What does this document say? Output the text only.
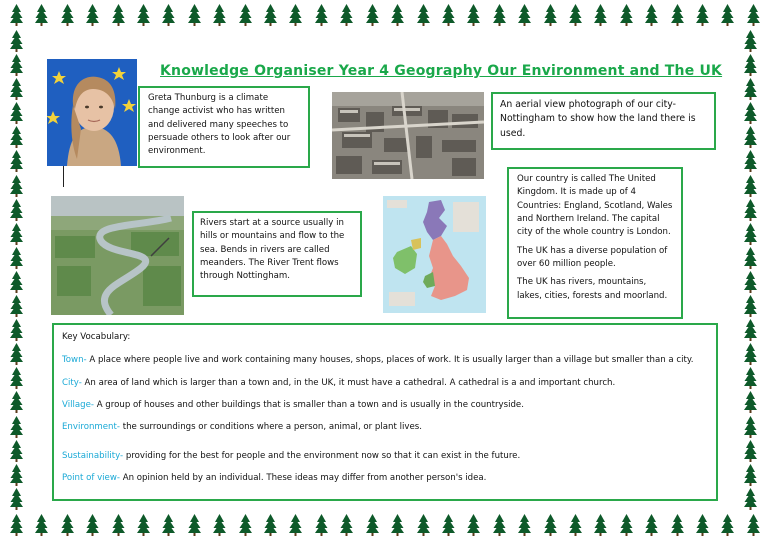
Knowledge Organiser Year 4 Geography Our Environment and The UK
Greta Thunburg is a climate change activist who has written and delivered many speeches to persuade others to look after our environment.
An aerial view photograph of our city- Nottingham to show how the land there is used.
Rivers start at a source usually in hills or mountains and flow to the sea. Bends in rivers are called meanders. The River Trent flows through Nottingham.

Our country is called The United Kingdom. It is made up of 4 Countries: England, Scotland, Wales and Northern Ireland. The capital city of the whole country is London.

The UK has a diverse population of over 60 million people.

The UK has rivers, mountains, lakes, cities, forests and moorland.

Key Vocabulary:
Town- A place where people live and work containing many houses, shops, places of work. It is usually larger than a village but smaller than a city.
City- An area of land which is larger than a town and, in the UK, it must have a cathedral. A cathedral is a and important church.
Village- A group of houses and other buildings that is smaller than a town and is usually in the countryside.
Environment- the surroundings or conditions where a person, animal, or plant lives.
Sustainability- providing for the best for people and the environment now so that it can exist in the future.
Point of view- An opinion held by an individual. These ideas may differ from another person's idea.
